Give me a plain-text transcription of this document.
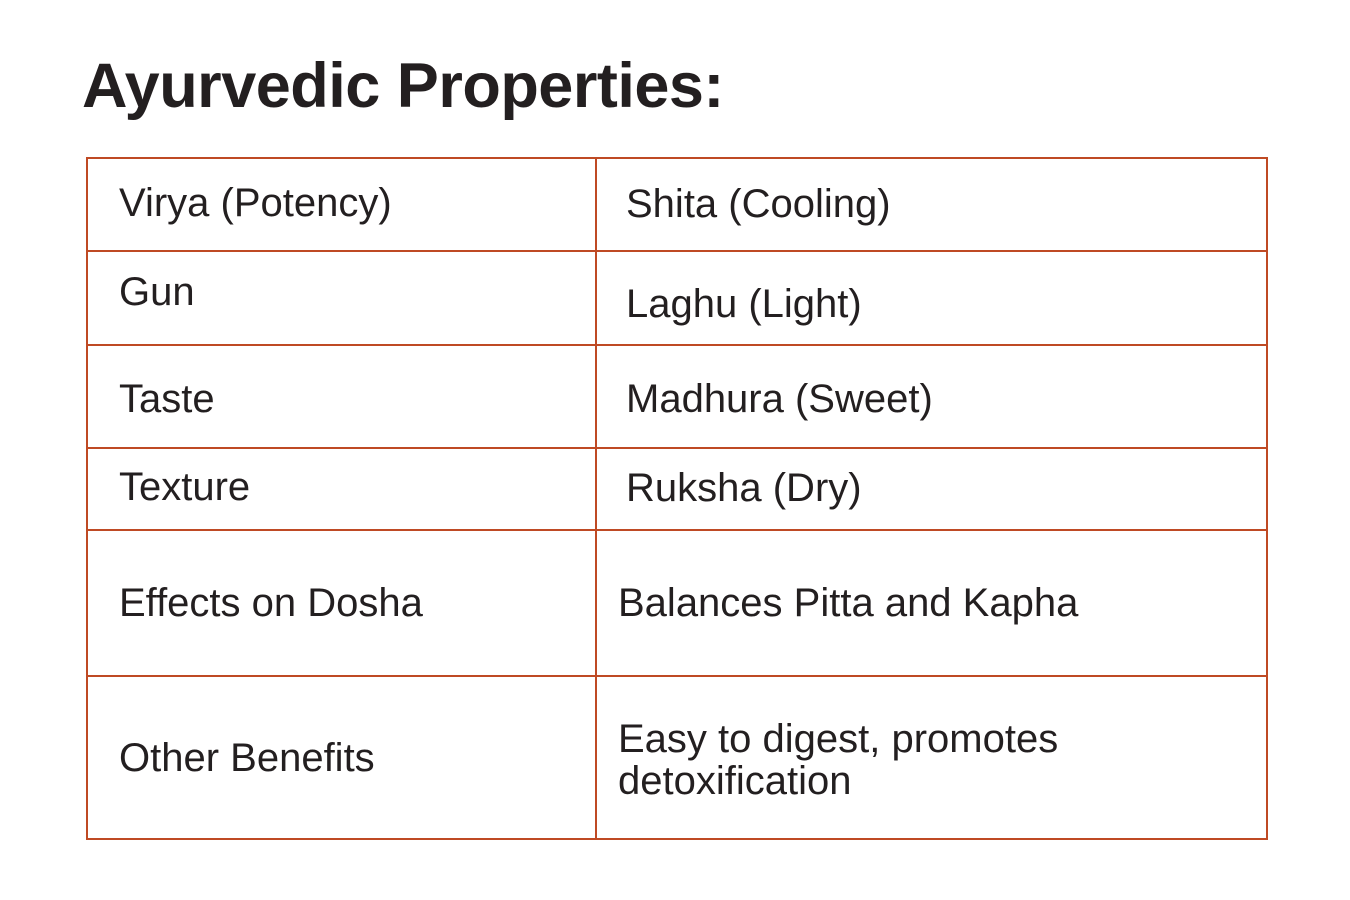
Ayurvedic Properties:
Virya (Potency)	Shita (Cooling)
Gun	Laghu (Light)
Taste	Madhura (Sweet)
Texture	Ruksha (Dry)
Effects on Dosha	Balances Pitta and Kapha
Other Benefits	Easy to digest, promotes detoxification
